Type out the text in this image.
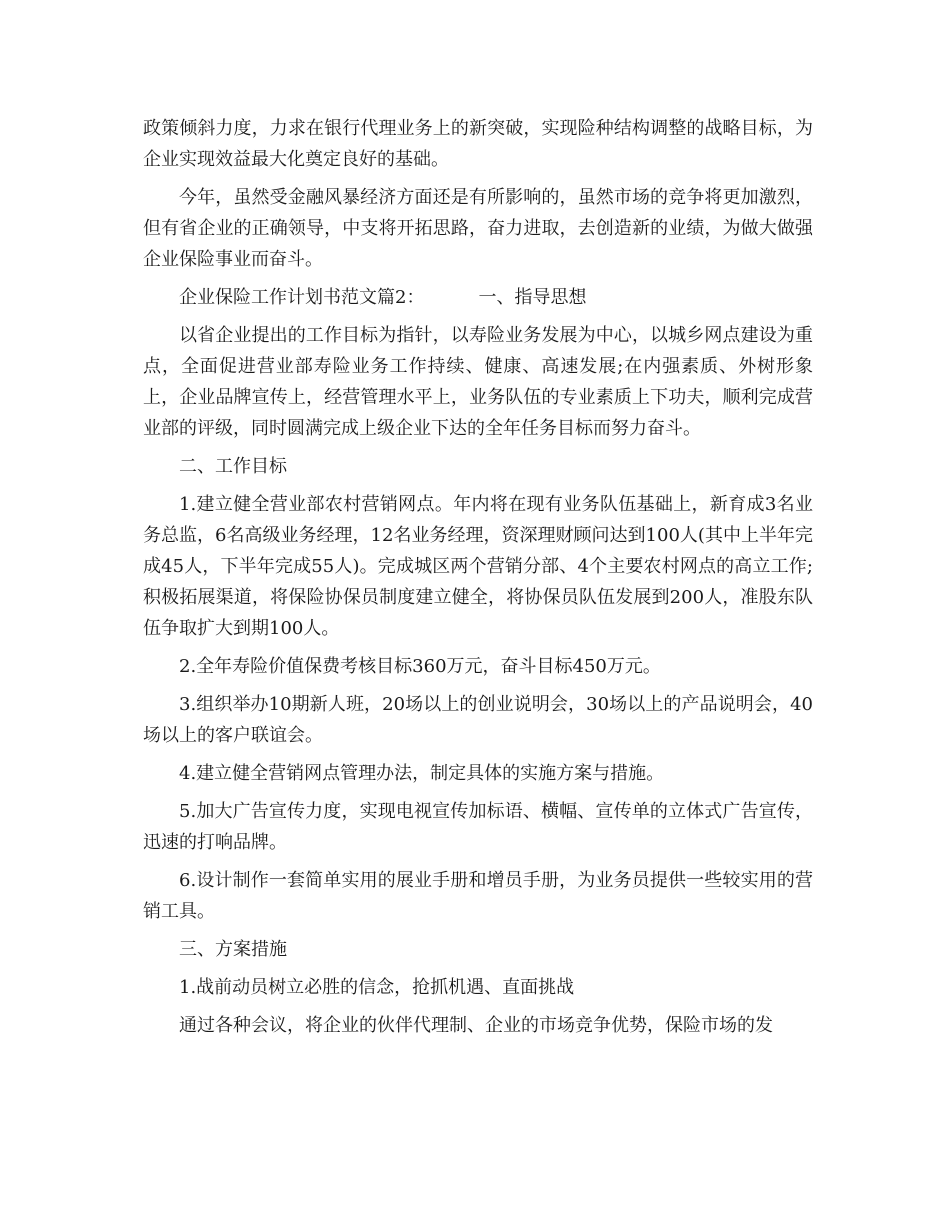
政策倾斜力度，力求在银行代理业务上的新突破，实现险种结构调整的战略目标，为企业实现效益最大化奠定良好的基础。

今年，虽然受金融风暴经济方面还是有所影响的，虽然市场的竞争将更加激烈，但有省企业的正确领导，中支将开拓思路，奋力进取，去创造新的业绩，为做大做强企业保险事业而奋斗。

企业保险工作计划书范文篇2：	一、指导思想

以省企业提出的工作目标为指针，以寿险业务发展为中心，以城乡网点建设为重点，全面促进营业部寿险业务工作持续、健康、高速发展;在内强素质、外树形象上，企业品牌宣传上，经营管理水平上，业务队伍的专业素质上下功夫，顺利完成营业部的评级，同时圆满完成上级企业下达的全年任务目标而努力奋斗。

二、工作目标

1.建立健全营业部农村营销网点。年内将在现有业务队伍基础上，新育成3名业务总监，6名高级业务经理，12名业务经理，资深理财顾问达到100人(其中上半年完成45人，下半年完成55人)。完成城区两个营销分部、4个主要农村网点的高立工作;积极拓展渠道，将保险协保员制度建立健全，将协保员队伍发展到200人，准股东队伍争取扩大到期100人。

2.全年寿险价值保费考核目标360万元，奋斗目标450万元。

3.组织举办10期新人班，20场以上的创业说明会，30场以上的产品说明会，40场以上的客户联谊会。

4.建立健全营销网点管理办法，制定具体的实施方案与措施。

5.加大广告宣传力度，实现电视宣传加标语、横幅、宣传单的立体式广告宣传，迅速的打响品牌。

6.设计制作一套简单实用的展业手册和增员手册，为业务员提供一些较实用的营销工具。

三、方案措施

1.战前动员树立必胜的信念，抢抓机遇、直面挑战

通过各种会议，将企业的伙伴代理制、企业的市场竞争优势，保险市场的发
